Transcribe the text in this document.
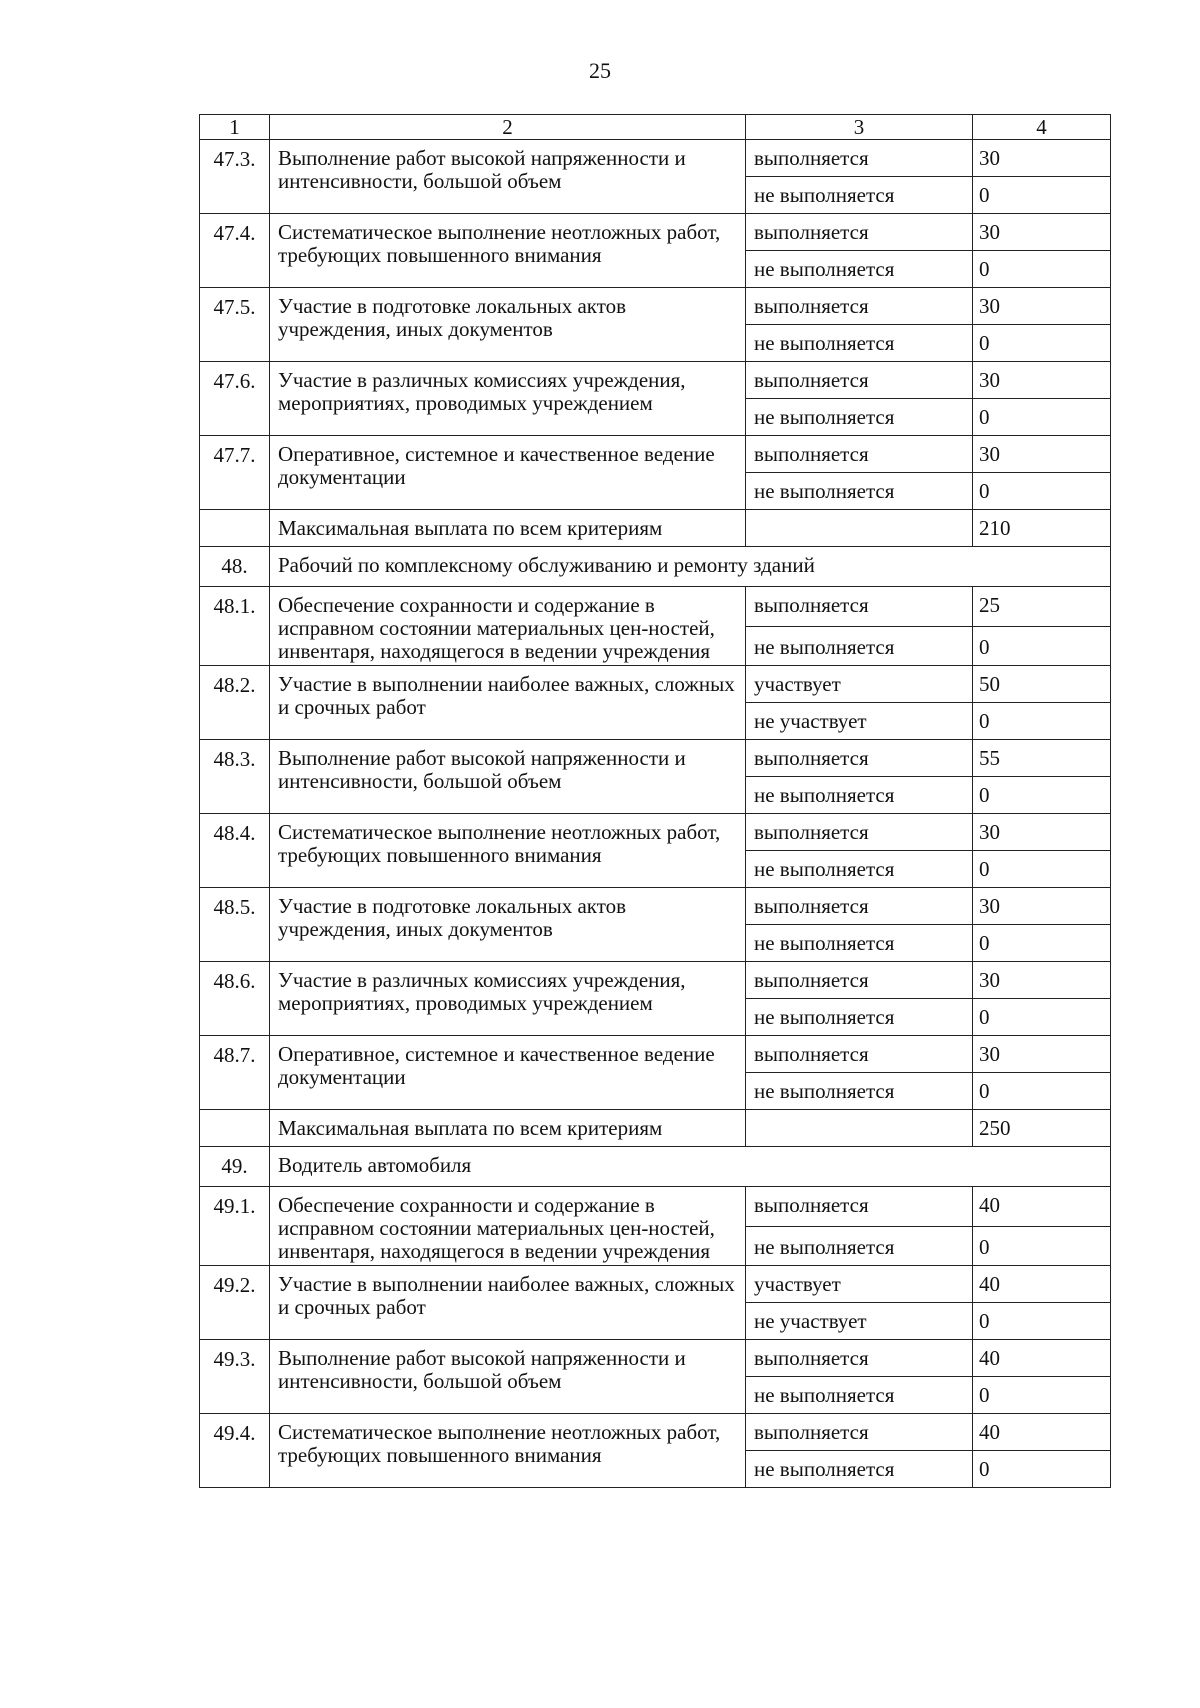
25
1	2	3	4
47.3.	Выполнение работ высокой напряженности и интенсивности, большой объем	выполняется	30
		не выполняется	0
47.4.	Систематическое выполнение неотложных работ, требующих повышенного внимания	выполняется	30
		не выполняется	0
47.5.	Участие в подготовке локальных актов учреждения, иных документов	выполняется	30
		не выполняется	0
47.6.	Участие в различных комиссиях учреждения, мероприятиях, проводимых учреждением	выполняется	30
		не выполняется	0
47.7.	Оперативное, системное и качественное ведение документации	выполняется	30
		не выполняется	0
	Максимальная выплата по всем критериям		210
48.	Рабочий по комплексному обслуживанию и ремонту зданий		
48.1.	Обеспечение сохранности и содержание в исправном состоянии материальных цен-ностей, инвентаря, находящегося в ведении учреждения	выполняется	25
		не выполняется	0
48.2.	Участие в выполнении наиболее важных, сложных и срочных работ	участвует	50
		не участвует	0
48.3.	Выполнение работ высокой напряженности и интенсивности, большой объем	выполняется	55
		не выполняется	0
48.4.	Систематическое выполнение неотложных работ, требующих повышенного внимания	выполняется	30
		не выполняется	0
48.5.	Участие в подготовке локальных актов учреждения, иных документов	выполняется	30
		не выполняется	0
48.6.	Участие в различных комиссиях учреждения, мероприятиях, проводимых учреждением	выполняется	30
		не выполняется	0
48.7.	Оперативное, системное и качественное ведение документации	выполняется	30
		не выполняется	0
	Максимальная выплата по всем критериям		250
49.	Водитель автомобиля		
49.1.	Обеспечение сохранности и содержание в исправном состоянии материальных цен-ностей, инвентаря, находящегося в ведении учреждения	выполняется	40
		не выполняется	0
49.2.	Участие в выполнении наиболее важных, сложных и срочных работ	участвует	40
		не участвует	0
49.3.	Выполнение работ высокой напряженности и интенсивности, большой объем	выполняется	40
		не выполняется	0
49.4.	Систематическое выполнение неотложных работ, требующих повышенного внимания	выполняется	40
		не выполняется	0
